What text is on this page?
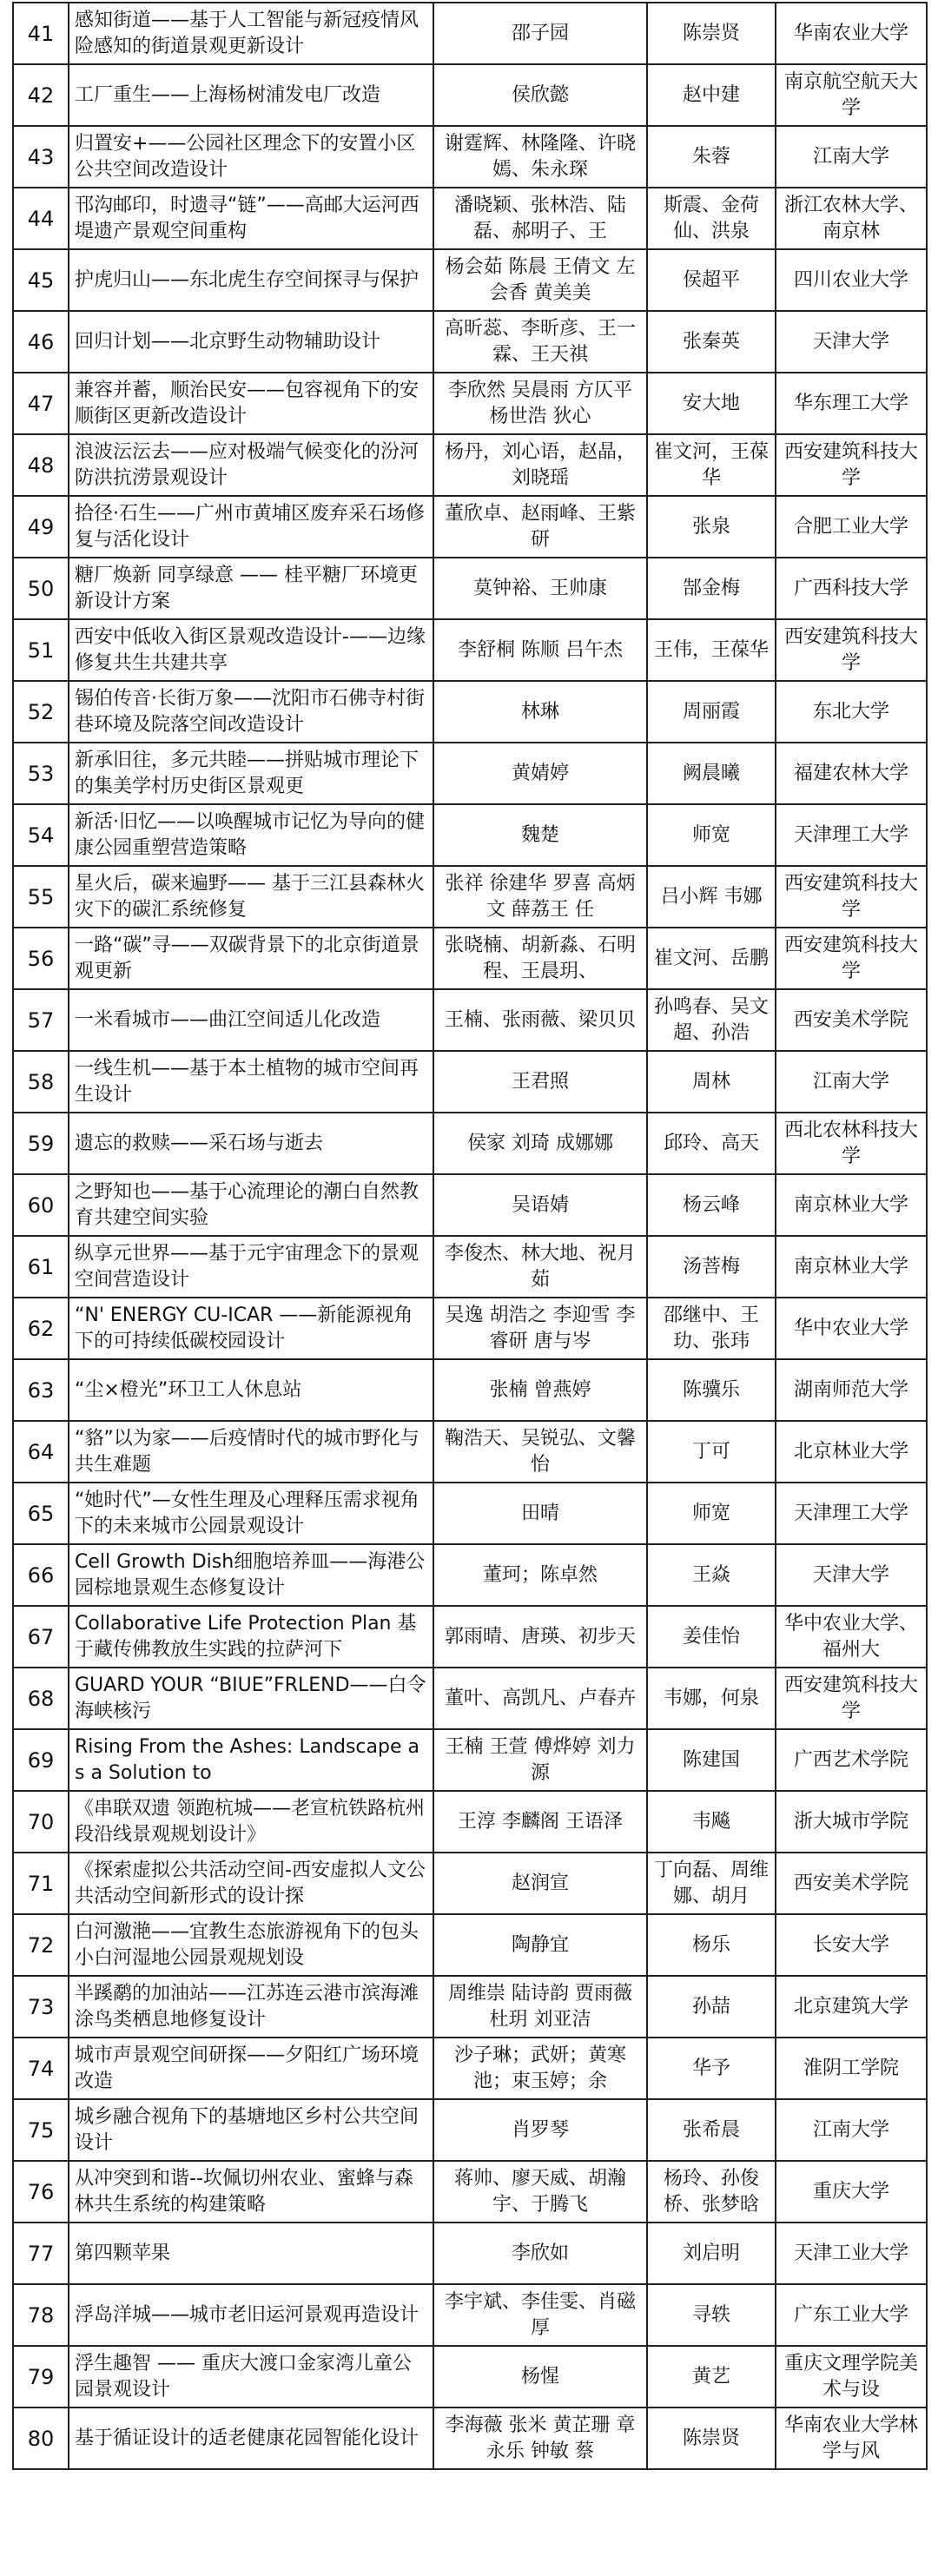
41	感知街道——基于人工智能与新冠疫情风险感知的街道景观更新设计	邵子园	陈崇贤	华南农业大学

42	工厂重生——上海杨树浦发电厂改造	侯欣懿	赵中建	南京航空航天大学

43	归置安+——公园社区理念下的安置小区公共空间改造设计	谢霆辉、林隆隆、许晓嫣、朱永琛	朱蓉	江南大学

44	邗沟邮印，时遗寻“链”——高邮大运河西堤遗产景观空间重构	潘晓颖、张林浩、陆磊、郝明子、王	斯震、金荷仙、洪泉	浙江农林大学、南京林

45	护虎归山——东北虎生存空间探寻与保护	杨会茹 陈晨 王倩文 左会香 黄美美	侯超平	四川农业大学

46	回归计划——北京野生动物辅助设计	高昕蕊、李昕彦、王一霖、王天祺	张秦英	天津大学

47	兼容并蓄，顺治民安——包容视角下的安顺街区更新改造设计	李欣然 吴晨雨 方仄平 杨世浩 狄心	安大地	华东理工大学

48	浪波沄沄去——应对极端气候变化的汾河防洪抗涝景观设计	杨丹，刘心语，赵晶，刘晓瑶	崔文河，王葆华	西安建筑科技大学

49	拾径·石生——广州市黄埔区废弃采石场修复与活化设计	董欣卓、赵雨峰、王紫研	张泉	合肥工业大学

50	糖厂焕新 同享绿意 —— 桂平糖厂环境更新设计方案	莫钟裕、王帅康	郜金梅	广西科技大学

51	西安中低收入街区景观改造设计-——边缘修复共生共建共享	李舒桐 陈顺 吕午杰	王伟，王葆华	西安建筑科技大学

52	锡伯传音·长街万象——沈阳市石佛寺村街巷环境及院落空间改造设计	林琳	周丽霞	东北大学

53	新承旧往，多元共睦——拼贴城市理论下的集美学村历史街区景观更	黄婧婷	阙晨曦	福建农林大学

54	新活·旧忆——以唤醒城市记忆为导向的健康公园重塑营造策略	魏楚	师宽	天津理工大学

55	星火后，碳来遍野—— 基于三江县森林火灾下的碳汇系统修复	张祥 徐建华 罗喜 高炳文 薛荔王 任	吕小辉 韦娜	西安建筑科技大学

56	一路“碳”寻——双碳背景下的北京街道景观更新	张晓楠、胡新淼、石明程、王晨玥、	崔文河、岳鹏	西安建筑科技大学

57	一米看城市——曲江空间适儿化改造	王楠、张雨薇、梁贝贝	孙鸣春、吴文超、孙浩	西安美术学院

58	一线生机——基于本土植物的城市空间再生设计	王君照	周林	江南大学

59	遗忘的救赎——采石场与逝去	侯家 刘琦 成娜娜	邱玲、高天	西北农林科技大学

60	之野知也——基于心流理论的潮白自然教育共建空间实验	吴语婧	杨云峰	南京林业大学

61	纵享元世界——基于元宇宙理念下的景观空间营造设计	李俊杰、林大地、祝月茹	汤菩梅	南京林业大学

62	“N' ENERGY CU-ICAR ——新能源视角下的可持续低碳校园设计	吴逸 胡浩之 李迎雪 李睿研 唐与岑	邵继中、王玏、张玮	华中农业大学

63	“尘×橙光”环卫工人休息站	张楠 曾燕婷	陈骥乐	湖南师范大学

64	“貉”以为家——后疫情时代的城市野化与共生难题	鞠浩天、吴锐弘、文馨怡	丁可	北京林业大学

65	“她时代”—女性生理及心理释压需求视角下的未来城市公园景观设计	田晴	师宽	天津理工大学

66	Cell Growth Dish细胞培养皿——海港公园棕地景观生态修复设计	董珂；陈卓然	王焱	天津大学

67	Collaborative Life Protection Plan 基于藏传佛教放生实践的拉萨河下	郭雨晴、唐瑛、初步天	姜佳怡	华中农业大学、福州大

68	GUARD YOUR “BIUE”FRLEND——白令海峡核污	董叶、高凯凡、卢春卉	韦娜，何泉	西安建筑科技大学

69	Rising From the Ashes: Landscape as a Solution to	王楠 王萱 傅烨婷 刘力源	陈建国	广西艺术学院

70	《串联双遗 领跑杭城——老宣杭铁路杭州段沿线景观规划设计》	王淳 李麟阁 王语泽	韦飚	浙大城市学院

71	《探索虚拟公共活动空间-西安虚拟人文公共活动空间新形式的设计探	赵润宣	丁向磊、周维娜、胡月	西安美术学院

72	白河激滟——宜教生态旅游视角下的包头小白河湿地公园景观规划设	陶静宜	杨乐	长安大学

73	半蹊鹬的加油站——江苏连云港市滨海滩涂鸟类栖息地修复设计	周维崇 陆诗韵 贾雨薇 杜玥 刘亚洁	孙喆	北京建筑大学

74	城市声景观空间研探——夕阳红广场环境改造	沙子琳；武妍；黄寒池；束玉婷；余	华予	淮阴工学院

75	城乡融合视角下的基塘地区乡村公共空间设计	肖罗琴	张希晨	江南大学

76	从冲突到和谐--坎佩切州农业、蜜蜂与森林共生系统的构建策略	蒋帅、廖天威、胡瀚宇、于腾飞	杨玲、孙俊桥、张梦晗	重庆大学

77	第四颗苹果	李欣如	刘启明	天津工业大学

78	浮岛洋城——城市老旧运河景观再造设计	李宇斌、李佳雯、肖磁厚	寻轶	广东工业大学

79	浮生趣智 —— 重庆大渡口金家湾儿童公园景观设计	杨惺	黄艺	重庆文理学院美术与设

80	基于循证设计的适老健康花园智能化设计	李海薇 张米 黄芷珊 章永乐 钟敏 蔡	陈崇贤	华南农业大学林学与风
